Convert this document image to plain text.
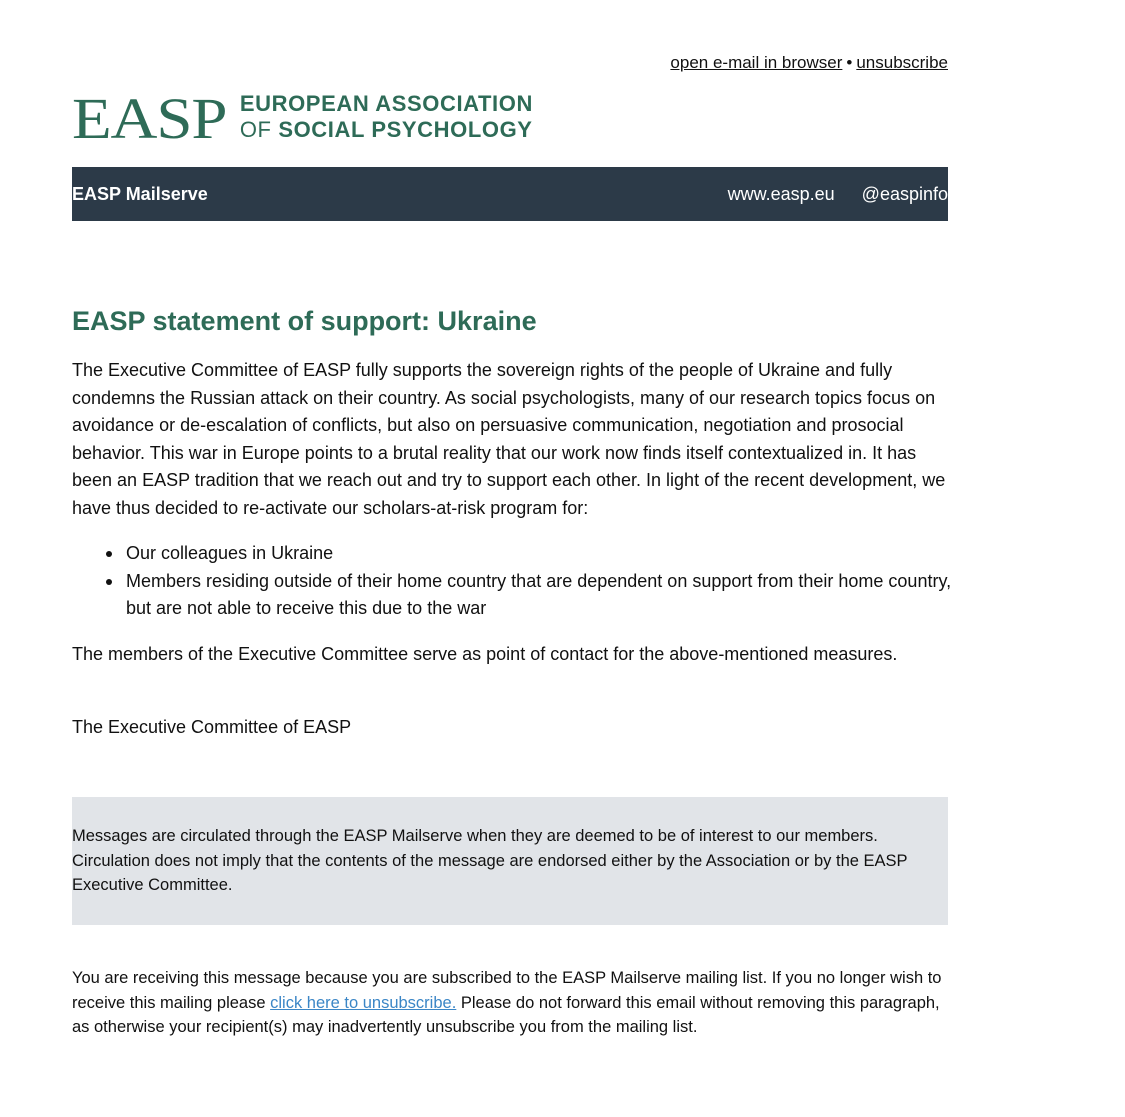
open e-mail in browser • unsubscribe
EASP EUROPEAN ASSOCIATION
OF SOCIAL PSYCHOLOGY
EASP Mailserve	www.easp.eu @easpinfo
EASP statement of support: Ukraine

The Executive Committee of EASP fully supports the sovereign rights of the people of Ukraine and fully condemns the Russian attack on their country. As social psychologists, many of our research topics focus on avoidance or de-escalation of conflicts, but also on persuasive communication, negotiation and prosocial behavior. This war in Europe points to a brutal reality that our work now finds itself contextualized in. It has been an EASP tradition that we reach out and try to support each other. In light of the recent development, we have thus decided to re-activate our scholars-at-risk program for:

Our colleagues in Ukraine
Members residing outside of their home country that are dependent on support from their home country, but are not able to receive this due to the war

The members of the Executive Committee serve as point of contact for the above-mentioned measures.

The Executive Committee of EASP

Messages are circulated through the EASP Mailserve when they are deemed to be of interest to our members. Circulation does not imply that the contents of the message are endorsed either by the Association or by the EASP Executive Committee.

You are receiving this message because you are subscribed to the EASP Mailserve mailing list. If you no longer wish to receive this mailing please click here to unsubscribe. Please do not forward this email without removing this paragraph, as otherwise your recipient(s) may inadvertently unsubscribe you from the mailing list.
